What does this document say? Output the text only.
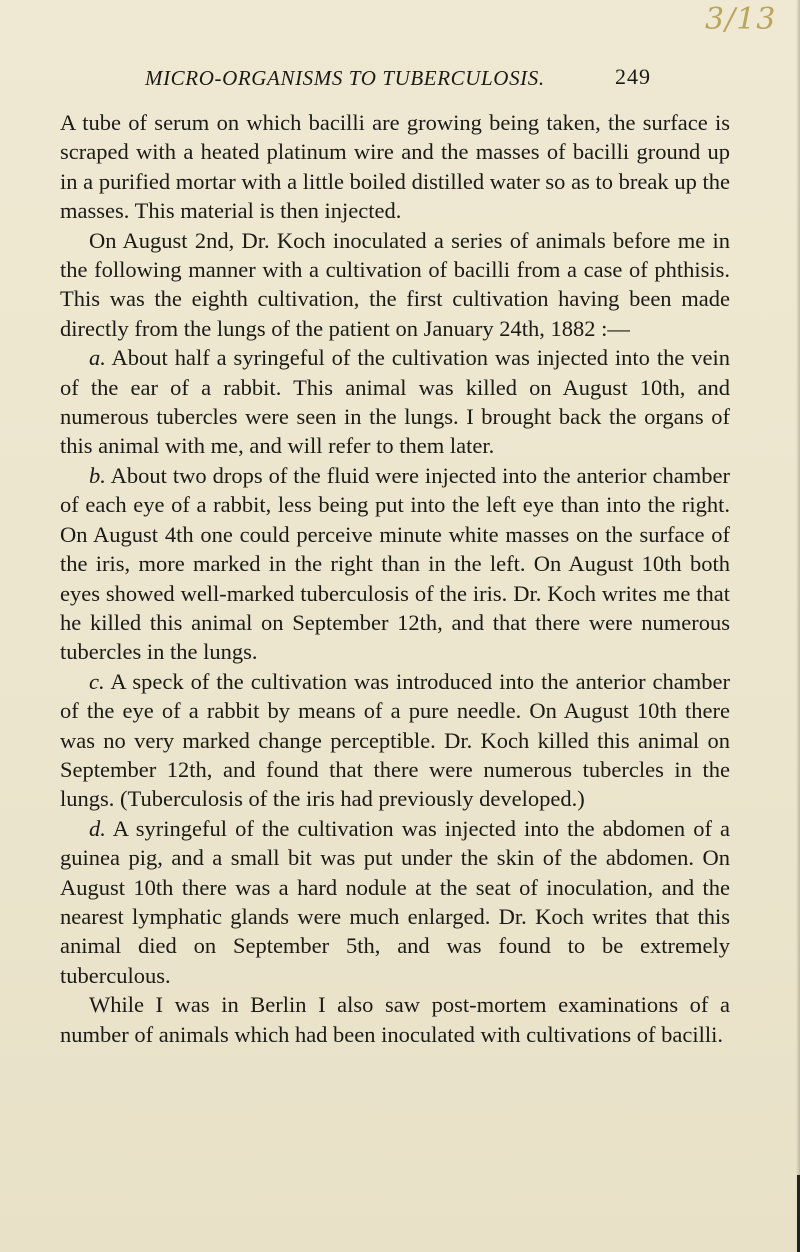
3/13
MICRO-ORGANISMS TO TUBERCULOSIS.	249

A tube of serum on which bacilli are growing being taken, the surface is scraped with a heated platinum wire and the masses of bacilli ground up in a purified mortar with a little boiled distilled water so as to break up the masses. This material is then injected.

On August 2nd, Dr. Koch inoculated a series of animals before me in the following manner with a cultivation of bacilli from a case of phthisis. This was the eighth cultivation, the first cultivation having been made directly from the lungs of the patient on January 24th, 1882 :—

a. About half a syringeful of the cultivation was injected into the vein of the ear of a rabbit. This animal was killed on August 10th, and numerous tubercles were seen in the lungs. I brought back the organs of this animal with me, and will refer to them later.

b. About two drops of the fluid were injected into the anterior chamber of each eye of a rabbit, less being put into the left eye than into the right. On August 4th one could perceive minute white masses on the surface of the iris, more marked in the right than in the left. On August 10th both eyes showed well-marked tuberculosis of the iris. Dr. Koch writes me that he killed this animal on September 12th, and that there were numerous tubercles in the lungs.

c. A speck of the cultivation was introduced into the anterior chamber of the eye of a rabbit by means of a pure needle. On August 10th there was no very marked change perceptible. Dr. Koch killed this animal on September 12th, and found that there were numerous tubercles in the lungs. (Tuberculosis of the iris had previously developed.)

d. A syringeful of the cultivation was injected into the abdomen of a guinea pig, and a small bit was put under the skin of the abdomen. On August 10th there was a hard nodule at the seat of inoculation, and the nearest lymphatic glands were much enlarged. Dr. Koch writes that this animal died on September 5th, and was found to be extremely tuberculous.

While I was in Berlin I also saw post-mortem examinations of a number of animals which had been inoculated with cultivations of bacilli.
